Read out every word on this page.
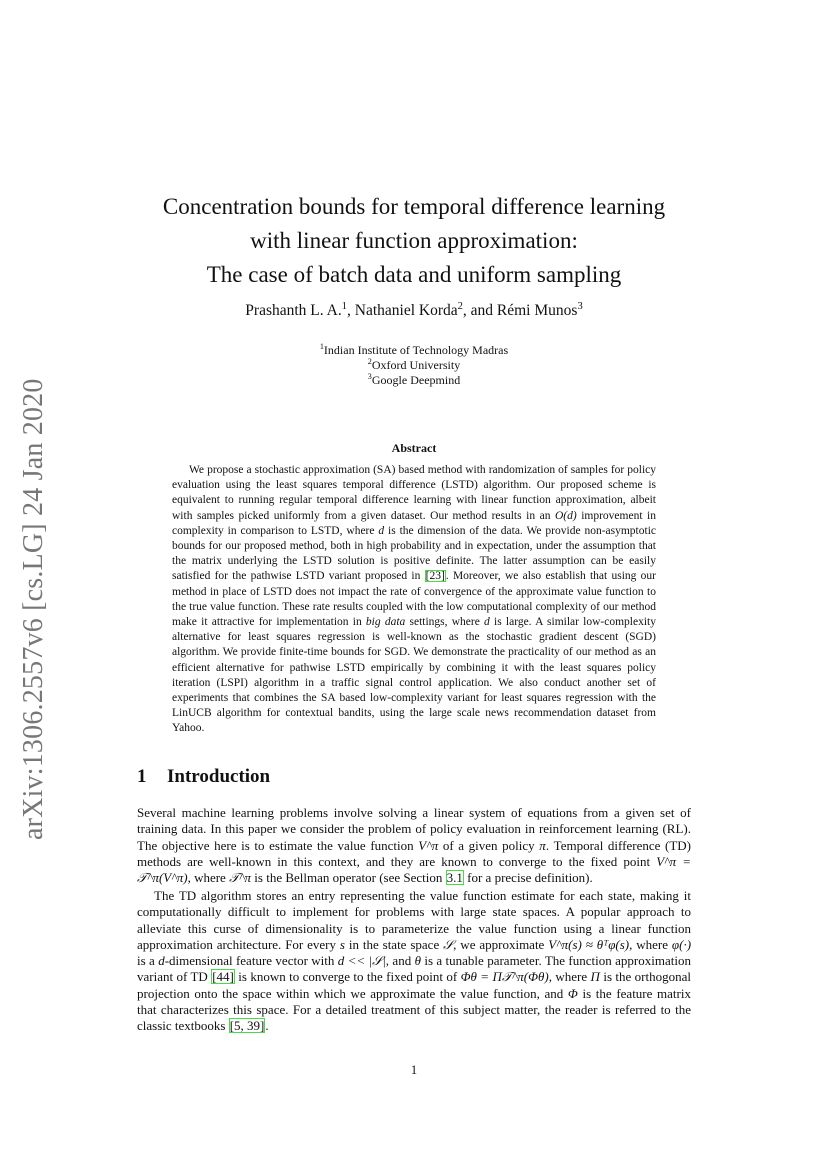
arXiv:1306.2557v6 [cs.LG] 24 Jan 2020
Concentration bounds for temporal difference learning
with linear function approximation:
The case of batch data and uniform sampling
Prashanth L. A.$^1$, Nathaniel Korda$^2$, and Rémi Munos$^3$
$^1$Indian Institute of Technology Madras
$^2$Oxford University
$^3$Google Deepmind
Abstract

We propose a stochastic approximation (SA) based method with randomization of samples for policy evaluation using the least squares temporal difference (LSTD) algorithm. Our proposed scheme is equivalent to running regular temporal difference learning with linear function approximation, albeit with samples picked uniformly from a given dataset. Our method results in an O(d) improvement in complexity in comparison to LSTD, where d is the dimension of the data. We provide non-asymptotic bounds for our proposed method, both in high probability and in expectation, under the assumption that the matrix underlying the LSTD solution is positive definite. The latter assumption can be easily satisfied for the pathwise LSTD variant proposed in [23]. Moreover, we also establish that using our method in place of LSTD does not impact the rate of convergence of the approximate value function to the true value function. These rate results coupled with the low computational complexity of our method make it attractive for implementation in big data settings, where d is large. A similar low-complexity alternative for least squares regression is well-known as the stochastic gradient descent (SGD) algorithm. We provide finite-time bounds for SGD. We demonstrate the practicality of our method as an efficient alternative for pathwise LSTD empirically by combining it with the least squares policy iteration (LSPI) algorithm in a traffic signal control application. We also conduct another set of experiments that combines the SA based low-complexity variant for least squares regression with the LinUCB algorithm for contextual bandits, using the large scale news recommendation dataset from Yahoo.

1 Introduction

Several machine learning problems involve solving a linear system of equations from a given set of training data. In this paper we consider the problem of policy evaluation in reinforcement learning (RL). The objective here is to estimate the value function V^π of a given policy π. Temporal difference (TD) methods are well-known in this context, and they are known to converge to the fixed point V^π = 𝒯^π(V^π), where 𝒯^π is the Bellman operator (see Section 3.1 for a precise definition).

The TD algorithm stores an entry representing the value function estimate for each state, making it computationally difficult to implement for problems with large state spaces. A popular approach to alleviate this curse of dimensionality is to parameterize the value function using a linear function approximation architecture. For every s in the state space 𝒮, we approximate V^π(s) ≈ θᵀφ(s), where φ(·) is a d-dimensional feature vector with d << |𝒮|, and θ is a tunable parameter. The function approximation variant of TD [44] is known to converge to the fixed point of Φθ = Π𝒯^π(Φθ), where Π is the orthogonal projection onto the space within which we approximate the value function, and Φ is the feature matrix that characterizes this space. For a detailed treatment of this subject matter, the reader is referred to the classic textbooks [5, 39].

1
